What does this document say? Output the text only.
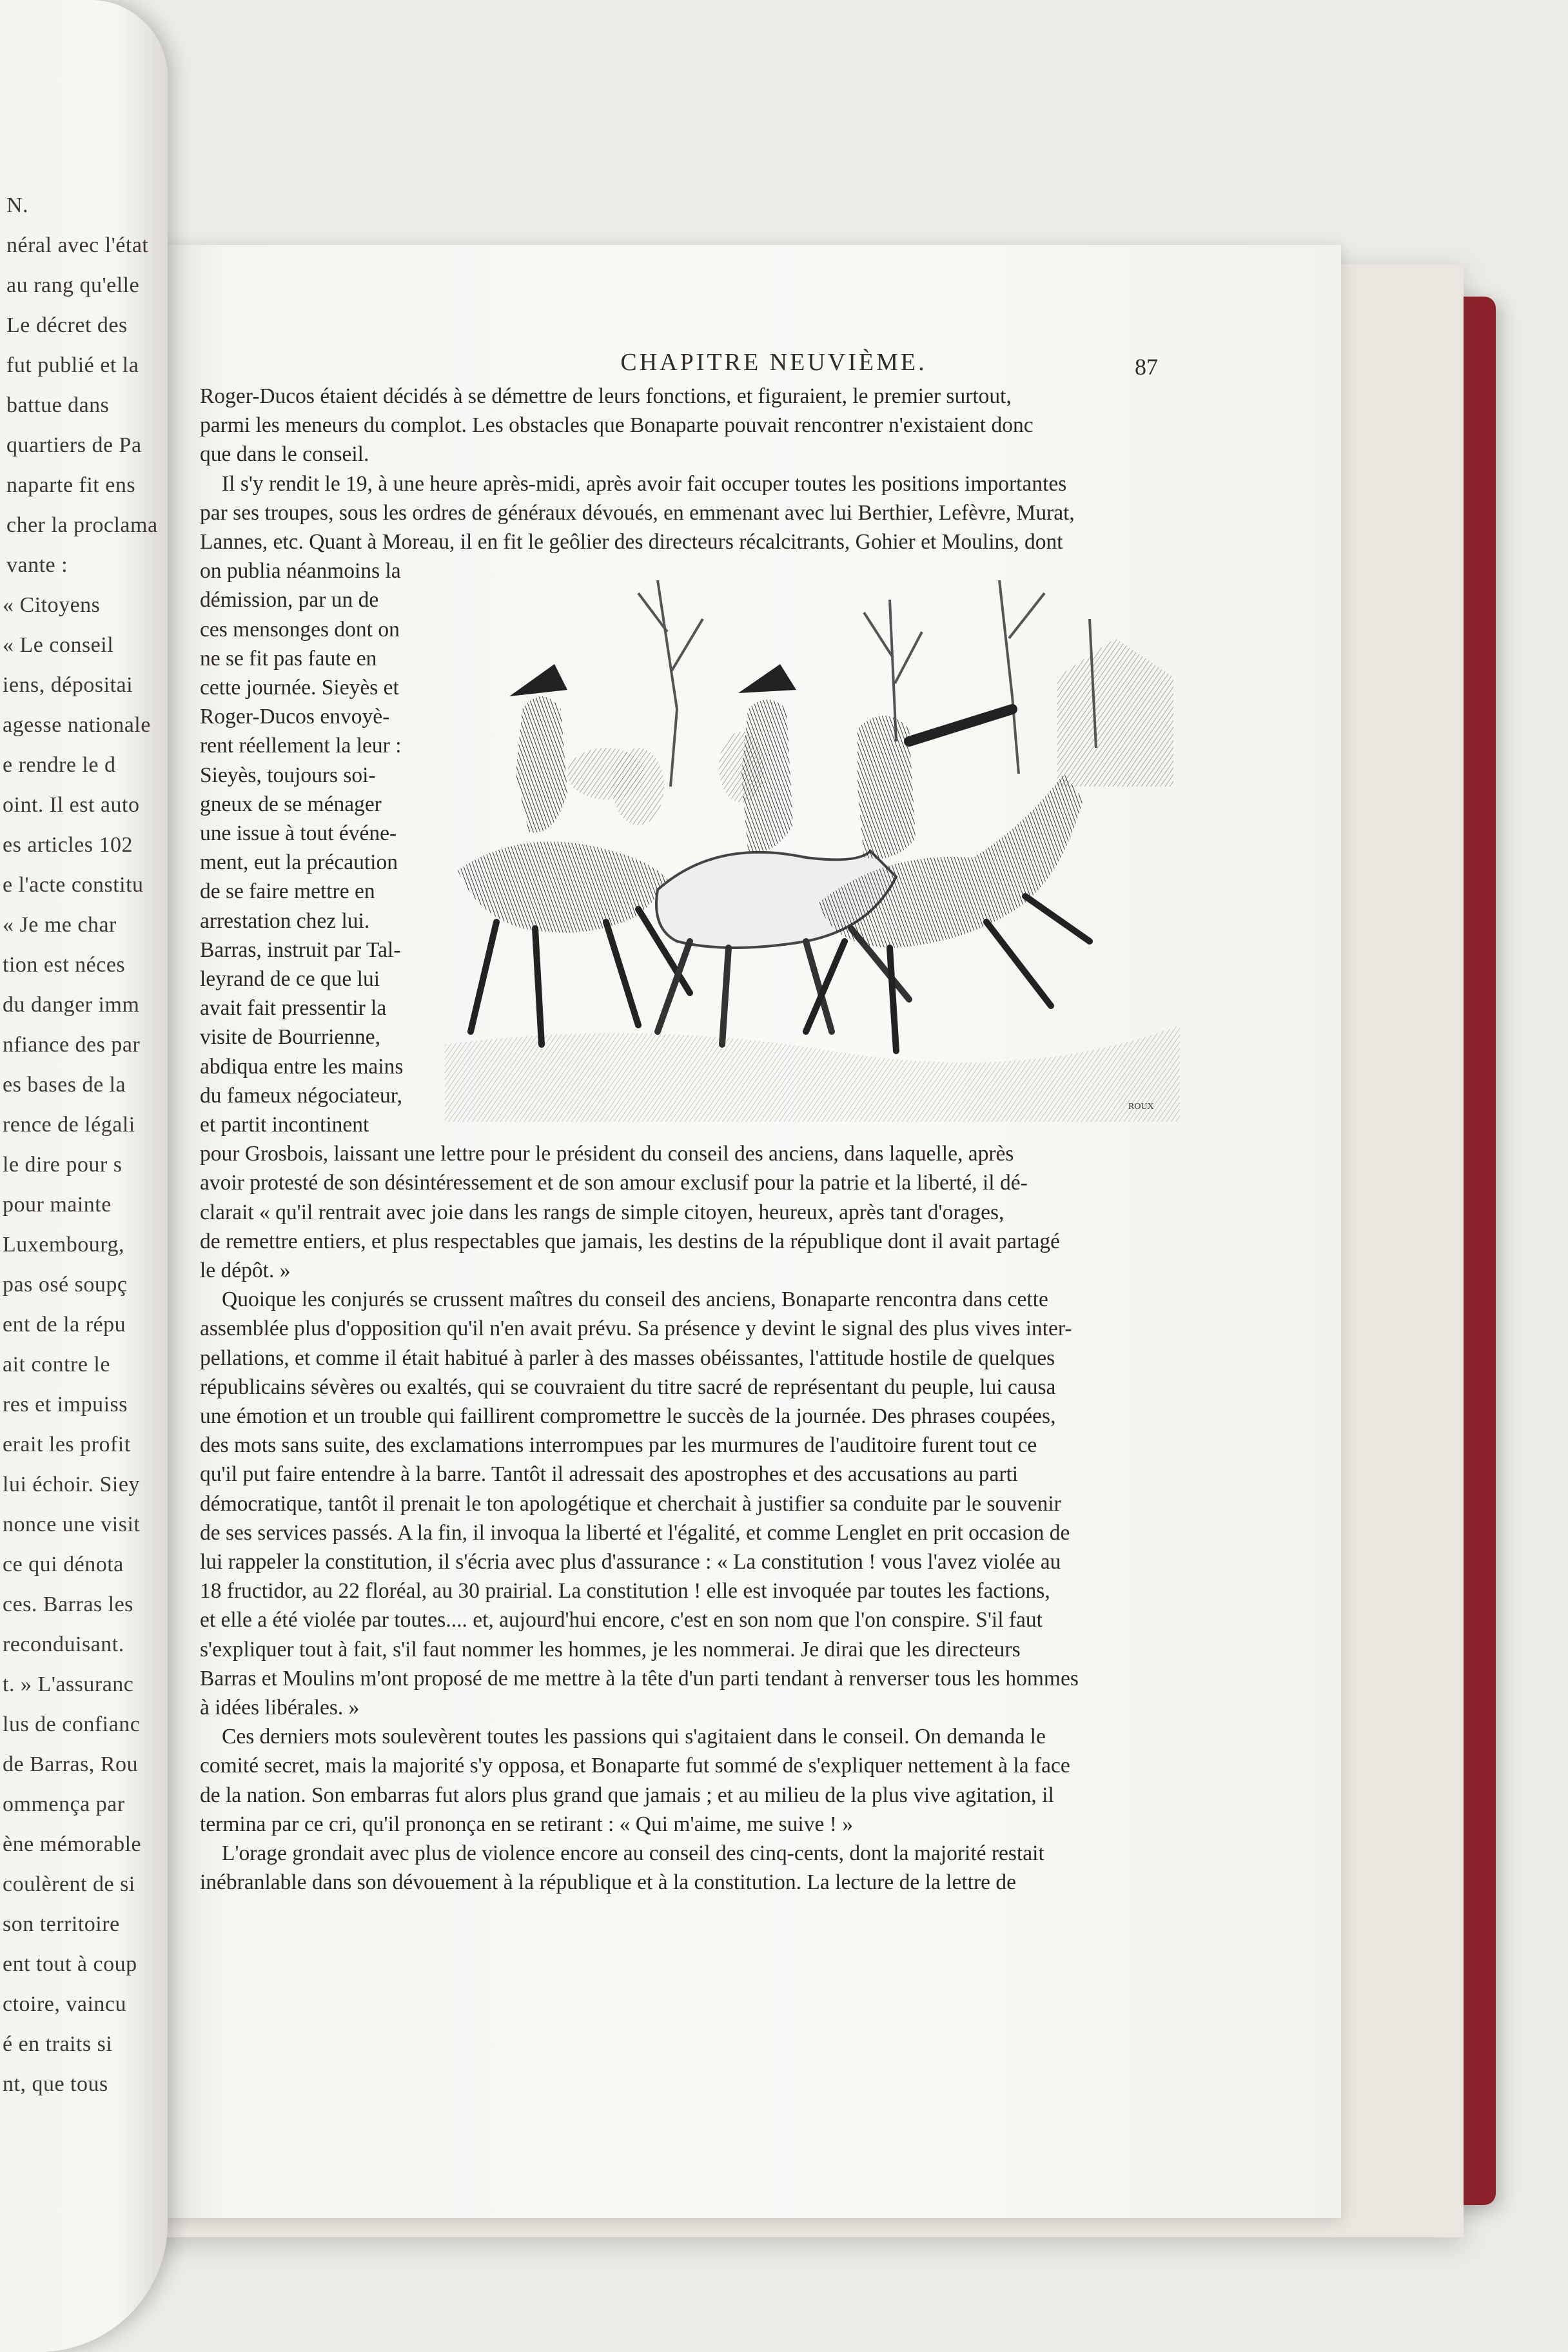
CHAPITRE NEUVIÈME.	87
ROUX
Roger-Ducos étaient décidés à se démettre de leurs fonctions, et figuraient, le premier surtout,
parmi les meneurs du complot. Les obstacles que Bonaparte pouvait rencontrer n'existaient donc
que dans le conseil.
Il s'y rendit le 19, à une heure après-midi, après avoir fait occuper toutes les positions importantes
par ses troupes, sous les ordres de généraux dévoués, en emmenant avec lui Berthier, Lefèvre, Murat,
Lannes, etc. Quant à Moreau, il en fit le geôlier des directeurs récalcitrants, Gohier et Moulins, dont
on publia néanmoins la
démission, par un de
ces mensonges dont on
ne se fit pas faute en
cette journée. Sieyès et
Roger-Ducos envoyè-
rent réellement la leur :
Sieyès, toujours soi-
gneux de se ménager
une issue à tout événe-
ment, eut la précaution
de se faire mettre en
arrestation chez lui.
Barras, instruit par Tal-
leyrand de ce que lui
avait fait pressentir la
visite de Bourrienne,
abdiqua entre les mains
du fameux négociateur,
et partit incontinent
pour Grosbois, laissant une lettre pour le président du conseil des anciens, dans laquelle, après
avoir protesté de son désintéressement et de son amour exclusif pour la patrie et la liberté, il dé-
clarait « qu'il rentrait avec joie dans les rangs de simple citoyen, heureux, après tant d'orages,
de remettre entiers, et plus respectables que jamais, les destins de la république dont il avait partagé
le dépôt. »
Quoique les conjurés se crussent maîtres du conseil des anciens, Bonaparte rencontra dans cette
assemblée plus d'opposition qu'il n'en avait prévu. Sa présence y devint le signal des plus vives inter-
pellations, et comme il était habitué à parler à des masses obéissantes, l'attitude hostile de quelques
républicains sévères ou exaltés, qui se couvraient du titre sacré de représentant du peuple, lui causa
une émotion et un trouble qui faillirent compromettre le succès de la journée. Des phrases coupées,
des mots sans suite, des exclamations interrompues par les murmures de l'auditoire furent tout ce
qu'il put faire entendre à la barre. Tantôt il adressait des apostrophes et des accusations au parti
démocratique, tantôt il prenait le ton apologétique et cherchait à justifier sa conduite par le souvenir
de ses services passés. A la fin, il invoqua la liberté et l'égalité, et comme Lenglet en prit occasion de
lui rappeler la constitution, il s'écria avec plus d'assurance : « La constitution ! vous l'avez violée au
18 fructidor, au 22 floréal, au 30 prairial. La constitution ! elle est invoquée par toutes les factions,
et elle a été violée par toutes.... et, aujourd'hui encore, c'est en son nom que l'on conspire. S'il faut
s'expliquer tout à fait, s'il faut nommer les hommes, je les nommerai. Je dirai que les directeurs
Barras et Moulins m'ont proposé de me mettre à la tête d'un parti tendant à renverser tous les hommes
à idées libérales. »
Ces derniers mots soulevèrent toutes les passions qui s'agitaient dans le conseil. On demanda le
comité secret, mais la majorité s'y opposa, et Bonaparte fut sommé de s'expliquer nettement à la face
de la nation. Son embarras fut alors plus grand que jamais ; et au milieu de la plus vive agitation, il
termina par ce cri, qu'il prononça en se retirant : « Qui m'aime, me suive ! »
L'orage grondait avec plus de violence encore au conseil des cinq-cents, dont la majorité restait
inébranlable dans son dévouement à la république et à la constitution. La lecture de la lettre de
N.
néral avec l'état
au rang qu'elle
Le décret des
fut publié et la
battue dans
quartiers de Pa
naparte fit ens
cher la proclama
vante :
« Citoyens
« Le conseil
iens, dépositai
agesse nationale
e rendre le d
oint. Il est auto
es articles 102
e l'acte constitu
« Je me char
tion est néces
du danger imm
nfiance des par
es bases de la
rence de légali
le dire pour s
pour mainte
Luxembourg,
pas osé soupç
ent de la répu
ait contre le
res et impuiss
erait les profit
lui échoir. Siey
nonce une visit
ce qui dénota
ces. Barras les
reconduisant.
t. » L'assuranc
lus de confianc
de Barras, Rou
ommença par
ène mémorable
coulèrent de si
son territoire
ent tout à coup
ctoire, vaincu
é en traits si
nt, que tous
